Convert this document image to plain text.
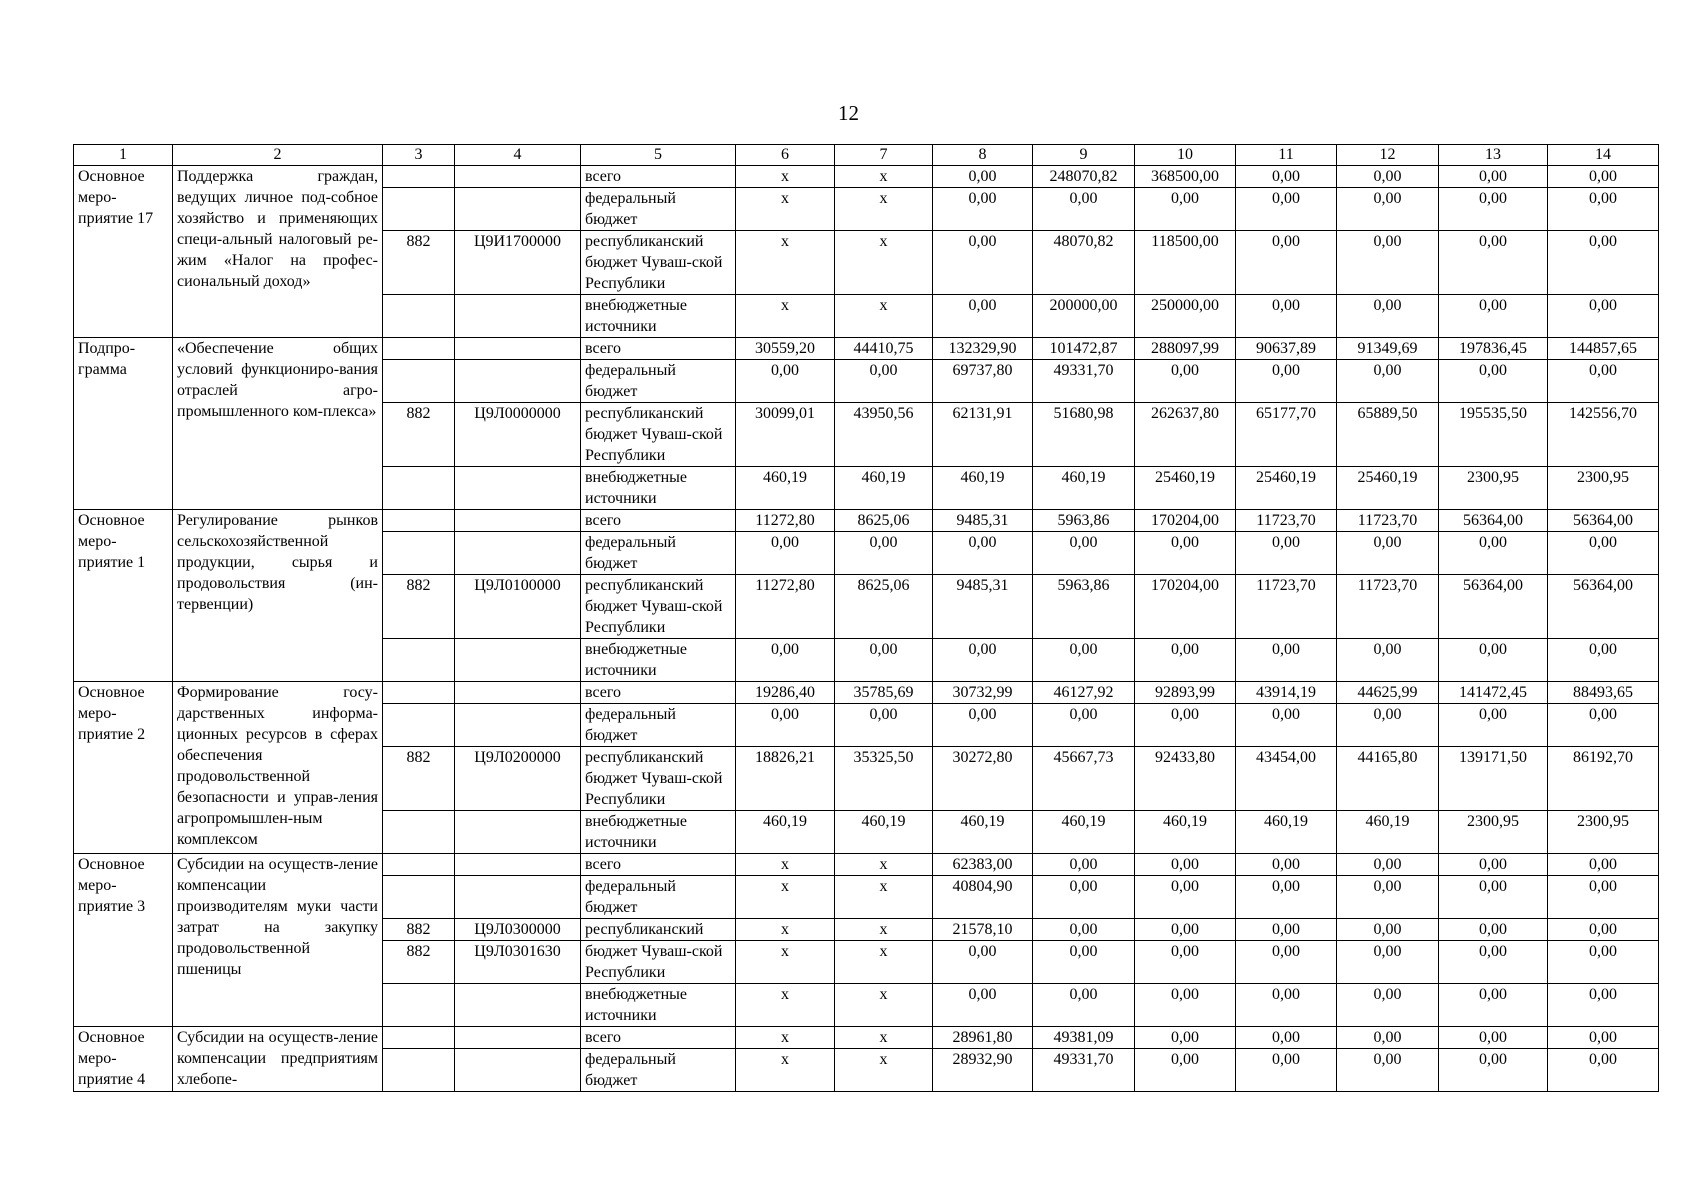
12
1	2	3	4	5	6	7	8	9	10	11	12	13	14
Основное меро-приятие 17	Поддержка граждан, ведущих личное под-собное хозяйство и применяющих специ-альный налоговый ре-жим «Налог на профес-сиональный доход»			всего	х	х	0,00	248070,82	368500,00	0,00	0,00	0,00	0,00
				федеральный бюджет	х	х	0,00	0,00	0,00	0,00	0,00	0,00	0,00
		882	Ц9И1700000	республиканский бюджет Чуваш-ской Республики	х	х	0,00	48070,82	118500,00	0,00	0,00	0,00	0,00
				внебюджетные источники	х	х	0,00	200000,00	250000,00	0,00	0,00	0,00	0,00
Подпро-грамма	«Обеспечение общих условий функциониро-вания отраслей агро-промышленного ком-плекса»			всего	30559,20	44410,75	132329,90	101472,87	288097,99	90637,89	91349,69	197836,45	144857,65
				федеральный бюджет	0,00	0,00	69737,80	49331,70	0,00	0,00	0,00	0,00	0,00
		882	Ц9Л0000000	республиканский бюджет Чуваш-ской Республики	30099,01	43950,56	62131,91	51680,98	262637,80	65177,70	65889,50	195535,50	142556,70
				внебюджетные источники	460,19	460,19	460,19	460,19	25460,19	25460,19	25460,19	2300,95	2300,95
Основное меро-приятие 1	Регулирование рынков сельскохозяйственной продукции, сырья и продовольствия (ин-тервенции)			всего	11272,80	8625,06	9485,31	5963,86	170204,00	11723,70	11723,70	56364,00	56364,00
				федеральный бюджет	0,00	0,00	0,00	0,00	0,00	0,00	0,00	0,00	0,00
		882	Ц9Л0100000	республиканский бюджет Чуваш-ской Республики	11272,80	8625,06	9485,31	5963,86	170204,00	11723,70	11723,70	56364,00	56364,00
				внебюджетные источники	0,00	0,00	0,00	0,00	0,00	0,00	0,00	0,00	0,00
Основное меро-приятие 2	Формирование госу-дарственных информа-ционных ресурсов в сферах обеспечения продовольственной безопасности и управ-ления агропромышлен-ным комплексом			всего	19286,40	35785,69	30732,99	46127,92	92893,99	43914,19	44625,99	141472,45	88493,65
				федеральный бюджет	0,00	0,00	0,00	0,00	0,00	0,00	0,00	0,00	0,00
		882	Ц9Л0200000	республиканский бюджет Чуваш-ской Республики	18826,21	35325,50	30272,80	45667,73	92433,80	43454,00	44165,80	139171,50	86192,70
				внебюджетные источники	460,19	460,19	460,19	460,19	460,19	460,19	460,19	2300,95	2300,95
Основное меро-приятие 3	Субсидии на осуществ-ление компенсации производителям муки части затрат на закупку продовольственной пшеницы			всего	х	х	62383,00	0,00	0,00	0,00	0,00	0,00	0,00
				федеральный бюджет	х	х	40804,90	0,00	0,00	0,00	0,00	0,00	0,00
		882	Ц9Л0300000	республиканский	х	х	21578,10	0,00	0,00	0,00	0,00	0,00	0,00
		882	Ц9Л0301630	бюджет Чуваш-ской Республики	х	х	0,00	0,00	0,00	0,00	0,00	0,00	0,00
				внебюджетные источники	х	х	0,00	0,00	0,00	0,00	0,00	0,00	0,00
Основное меро-приятие 4	Субсидии на осуществ-ление компенсации предприятиям хлебопе-			всего	х	х	28961,80	49381,09	0,00	0,00	0,00	0,00	0,00
				федеральный бюджет	х	х	28932,90	49331,70	0,00	0,00	0,00	0,00	0,00
